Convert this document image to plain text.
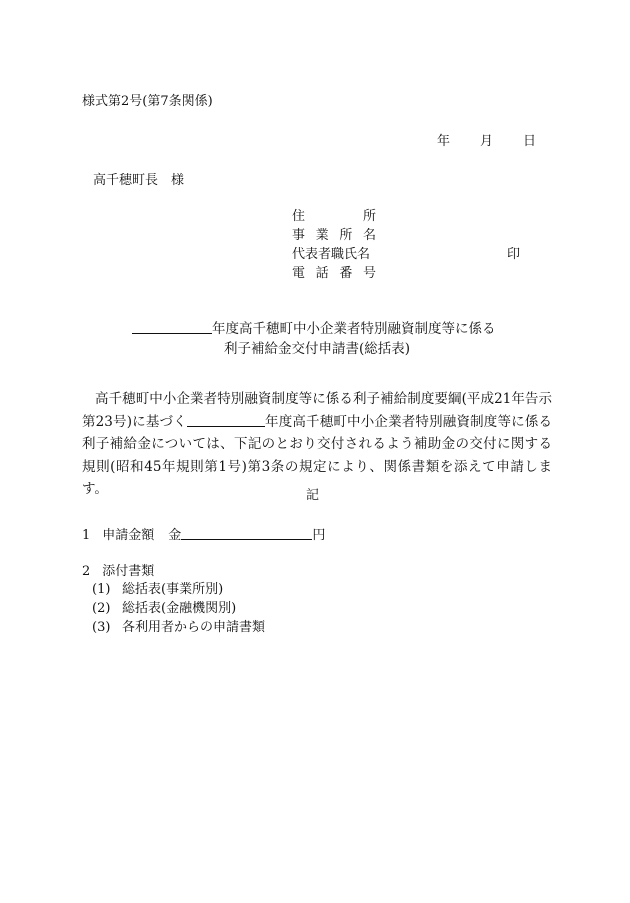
様式第2号(第7条関係)
年 月 日
高千穂町長　様
住	所
事 業 所 名
代表者職氏名	印
電 話 番 号
年度高千穂町中小企業者特別融資制度等に係る
利子補給金交付申請書(総括表)
高千穂町中小企業者特別融資制度等に係る利子補給制度要綱(平成21年告示第23号)に基づく	年度高千穂町中小企業者特別融資制度等に係る利子補給金については、下記のとおり交付されるよう補助金の交付に関する規則(昭和45年規則第1号)第3条の規定により、関係書類を添えて申請します。	記
1 申請金額 金	円
2 添付書類
(1) 総括表(事業所別)
(2) 総括表(金融機関別)
(3) 各利用者からの申請書類
